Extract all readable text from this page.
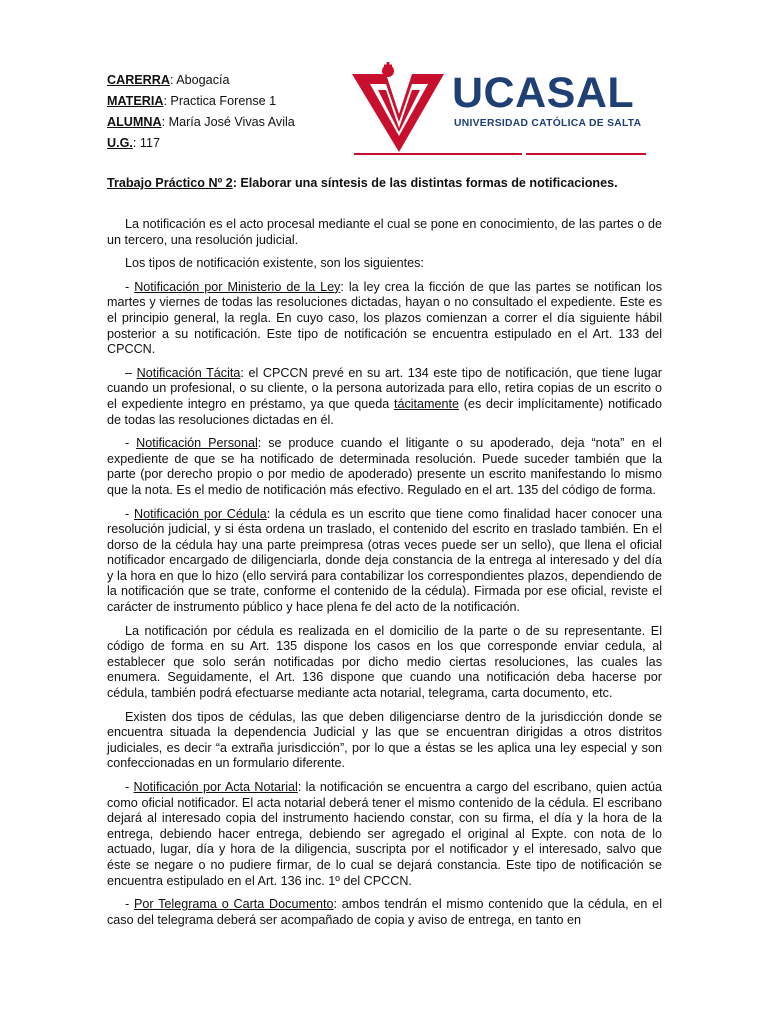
CARERRA: Abogacía
MATERIA: Practica Forense 1
ALUMNA: María José Vivas Avila
U.G.: 117
UCASAL
UNIVERSIDAD CATÓLICA DE SALTA
Trabajo Práctico Nº 2: Elaborar una síntesis de las distintas formas de notificaciones.

La notificación es el acto procesal mediante el cual se pone en conocimiento, de las partes o de un tercero, una resolución judicial.

Los tipos de notificación existente, son los siguientes:

- Notificación por Ministerio de la Ley: la ley crea la ficción de que las partes se notifican los martes y viernes de todas las resoluciones dictadas, hayan o no consultado el expediente. Este es el principio general, la regla. En cuyo caso, los plazos comienzan a correr el día siguiente hábil posterior a su notificación. Este tipo de notificación se encuentra estipulado en el Art. 133 del CPCCN.

– Notificación Tácita: el CPCCN prevé en su art. 134 este tipo de notificación, que tiene lugar cuando un profesional, o su cliente, o la persona autorizada para ello, retira copias de un escrito o el expediente integro en préstamo, ya que queda tácitamente (es decir implícitamente) notificado de todas las resoluciones dictadas en él.

- Notificación Personal: se produce cuando el litigante o su apoderado, deja “nota” en el expediente de que se ha notificado de determinada resolución. Puede suceder también que la parte (por derecho propio o por medio de apoderado) presente un escrito manifestando lo mismo que la nota. Es el medio de notificación más efectivo. Regulado en el art. 135 del código de forma.

- Notificación por Cédula: la cédula es un escrito que tiene como finalidad hacer conocer una resolución judicial, y si ésta ordena un traslado, el contenido del escrito en traslado también. En el dorso de la cédula hay una parte preimpresa (otras veces puede ser un sello), que llena el oficial notificador encargado de diligenciarla, donde deja constancia de la entrega al interesado y del día y la hora en que lo hizo (ello servirá para contabilizar los correspondientes plazos, dependiendo de la notificación que se trate, conforme el contenido de la cédula). Firmada por ese oficial, reviste el carácter de instrumento público y hace plena fe del acto de la notificación.

La notificación por cédula es realizada en el domicilio de la parte o de su representante. El código de forma en su Art. 135 dispone los casos en los que corresponde enviar cedula, al establecer que solo serán notificadas por dicho medio ciertas resoluciones, las cuales las enumera. Seguidamente, el Art. 136 dispone que cuando una notificación deba hacerse por cédula, también podrá efectuarse mediante acta notarial, telegrama, carta documento, etc.

Existen dos tipos de cédulas, las que deben diligenciarse dentro de la jurisdicción donde se encuentra situada la dependencia Judicial y las que se encuentran dirigidas a otros distritos judiciales, es decir “a extraña jurisdicción”, por lo que a éstas se les aplica una ley especial y son confeccionadas en un formulario diferente.

- Notificación por Acta Notarial: la notificación se encuentra a cargo del escribano, quien actúa como oficial notificador. El acta notarial deberá tener el mismo contenido de la cédula. El escribano dejará al interesado copia del instrumento haciendo constar, con su firma, el día y la hora de la entrega, debiendo hacer entrega, debiendo ser agregado el original al Expte. con nota de lo actuado, lugar, día y hora de la diligencia, suscripta por el notificador y el interesado, salvo que éste se negare o no pudiere firmar, de lo cual se dejará constancia. Este tipo de notificación se encuentra estipulado en el Art. 136 inc. 1º del CPCCN.

- Por Telegrama o Carta Documento: ambos tendrán el mismo contenido que la cédula, en el caso del telegrama deberá ser acompañado de copia y aviso de entrega, en tanto en
